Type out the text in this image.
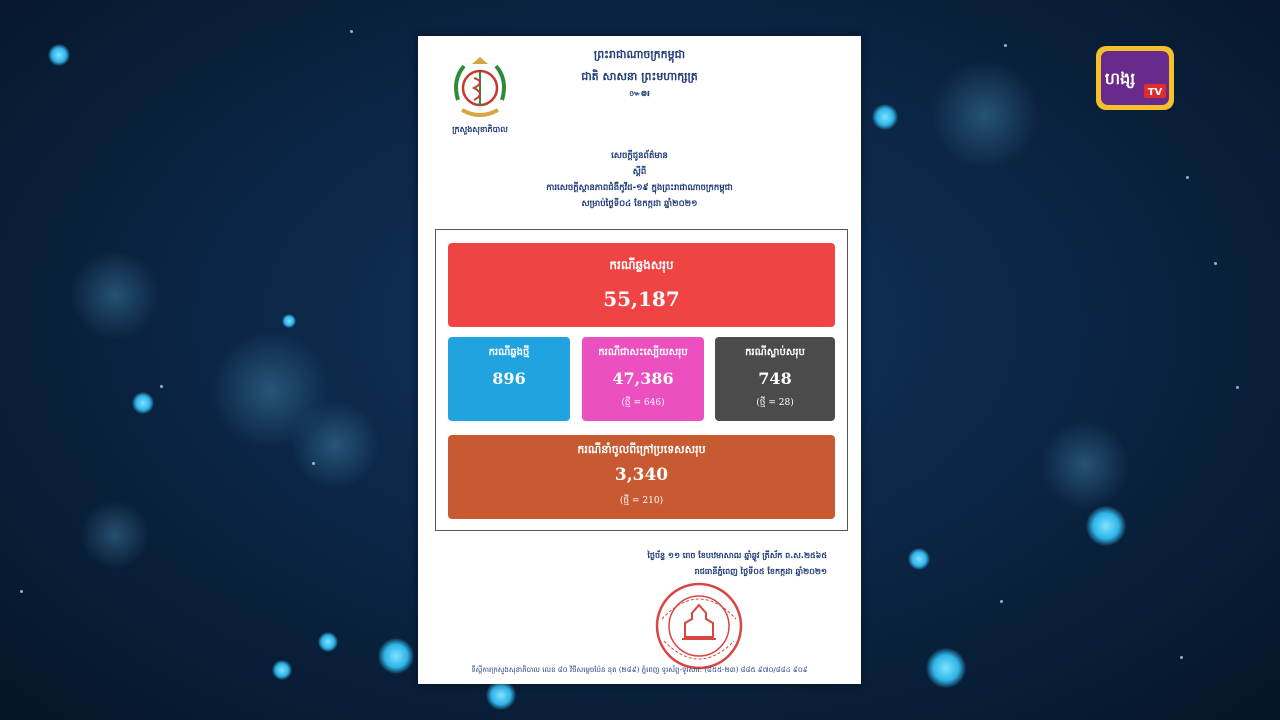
ហង្ស
TV
ព្រះរាជាណាចក្រកម្ពុជា
ជាតិ សាសនា ព្រះមហាក្សត្រ
៚៙៛
ក្រសួងសុខាភិបាល
សេចក្តីជូនព័ត៌មាន
ស្តីពី
ការសេចក្តីស្ថានភាពជំងឺកូវីដ-១៩ ក្នុងព្រះរាជាណាចក្រកម្ពុជា
សម្រាប់ថ្ងៃទី០៤ ខែកក្កដា ឆ្នាំ២០២១
ករណីឆ្លងសរុប
55,187
ករណីឆ្លងថ្មី
896
ករណីជាសះស្បើយសរុប
47,386
(ថ្មី = 646)
ករណីស្លាប់សរុប
748
(ថ្មី = 28)
ករណីនាំចូលពីក្រៅប្រទេសសរុប
3,340
(ថ្មី = 210)
ថ្ងៃច័ន្ទ ១១ រោច ខែបឋមាសាឍ ឆ្នាំឆ្លូវ ត្រីស័ក ព.ស.២៥៦៥
រាជធានីភ្នំពេញ ថ្ងៃទី០៥ ខែកក្កដា ឆ្នាំ២០២១
ទីស្តីការក្រសួងសុខាភិបាល លេខ ៨០ វិថីសម្តេចប៉ែន នុត (២៨៩) ភ្នំពេញ ទូរស័ព្ទ-ទូរសារ: (៨៥៥-២៣) ៨៨៥ ៩៧០/៨៨៤ ៩០៩
